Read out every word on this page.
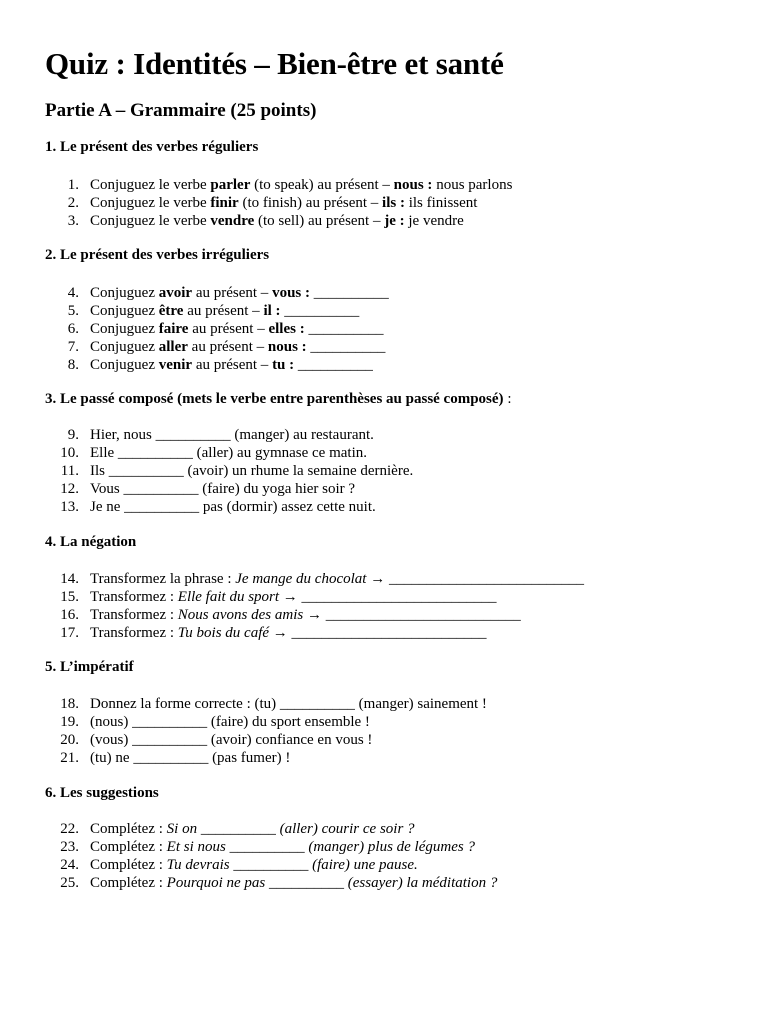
Quiz : Identités – Bien-être et santé
Partie A – Grammaire (25 points)
1. Le présent des verbes réguliers
1. Conjuguez le verbe parler (to speak) au présent – nous : nous parlons
2. Conjuguez le verbe finir (to finish) au présent – ils : ils finissent
3. Conjuguez le verbe vendre (to sell) au présent – je : je vendre
2. Le présent des verbes irréguliers
4. Conjuguez avoir au présent – vous : __________
5. Conjuguez être au présent – il : __________
6. Conjuguez faire au présent – elles : __________
7. Conjuguez aller au présent – nous : __________
8. Conjuguez venir au présent – tu : __________
3. Le passé composé (mets le verbe entre parenthèses au passé composé) :
9. Hier, nous __________ (manger) au restaurant.
10. Elle __________ (aller) au gymnase ce matin.
11. Ils __________ (avoir) un rhume la semaine dernière.
12. Vous __________ (faire) du yoga hier soir ?
13. Je ne __________ pas (dormir) assez cette nuit.
4. La négation
14. Transformez la phrase : Je mange du chocolat → __________________________
15. Transformez : Elle fait du sport → __________________________
16. Transformez : Nous avons des amis → __________________________
17. Transformez : Tu bois du café → __________________________
5. L’impératif
18. Donnez la forme correcte : (tu) __________ (manger) sainement !
19. (nous) __________ (faire) du sport ensemble !
20. (vous) __________ (avoir) confiance en vous !
21. (tu) ne __________ (pas fumer) !
6. Les suggestions
22. Complétez : Si on __________ (aller) courir ce soir ?
23. Complétez : Et si nous __________ (manger) plus de légumes ?
24. Complétez : Tu devrais __________ (faire) une pause.
25. Complétez : Pourquoi ne pas __________ (essayer) la méditation ?
